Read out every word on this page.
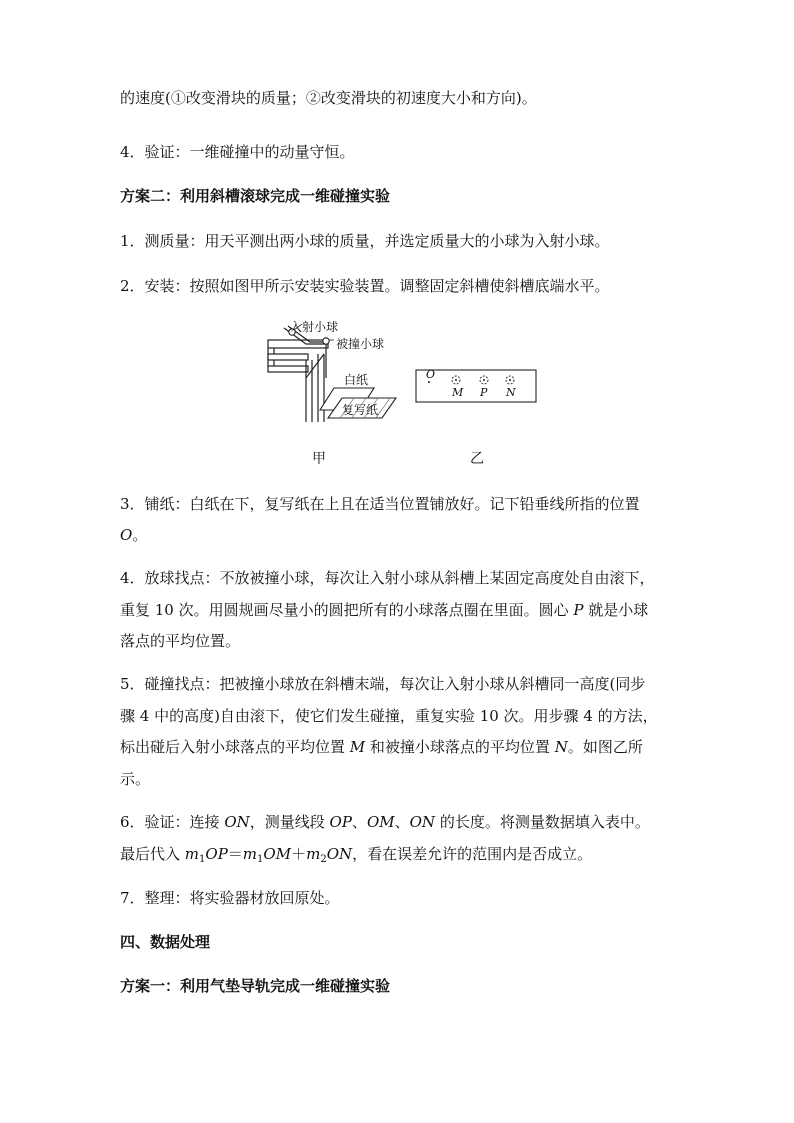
的速度(①改变滑块的质量；②改变滑块的初速度大小和方向)。
4．验证：一维碰撞中的动量守恒。
方案二：利用斜槽滚球完成一维碰撞实验
1．测质量：用天平测出两小球的质量，并选定质量大的小球为入射小球。
2．安装：按照如图甲所示安装实验装置。调整固定斜槽使斜槽底端水平。
3．铺纸：白纸在下，复写纸在上且在适当位置铺放好。记下铅垂线所指的位置
O。
4．放球找点：不放被撞小球，每次让入射小球从斜槽上某固定高度处自由滚下，
重复 10 次。用圆规画尽量小的圆把所有的小球落点圈在里面。圆心 P 就是小球
落点的平均位置。
5．碰撞找点：把被撞小球放在斜槽末端，每次让入射小球从斜槽同一高度(同步
骤 4 中的高度)自由滚下，使它们发生碰撞，重复实验 10 次。用步骤 4 的方法，
标出碰后入射小球落点的平均位置 M 和被撞小球落点的平均位置 N。如图乙所
示。
6．验证：连接 ON，测量线段 OP、OM、ON 的长度。将测量数据填入表中。
最后代入 $m_1OP=m_1OM+m_2ON$，看在误差允许的范围内是否成立。
7．整理：将实验器材放回原处。
四、数据处理
方案一：利用气垫导轨完成一维碰撞实验
入射小球
被撞小球
白纸
复写纸
O
M P N
甲	乙
